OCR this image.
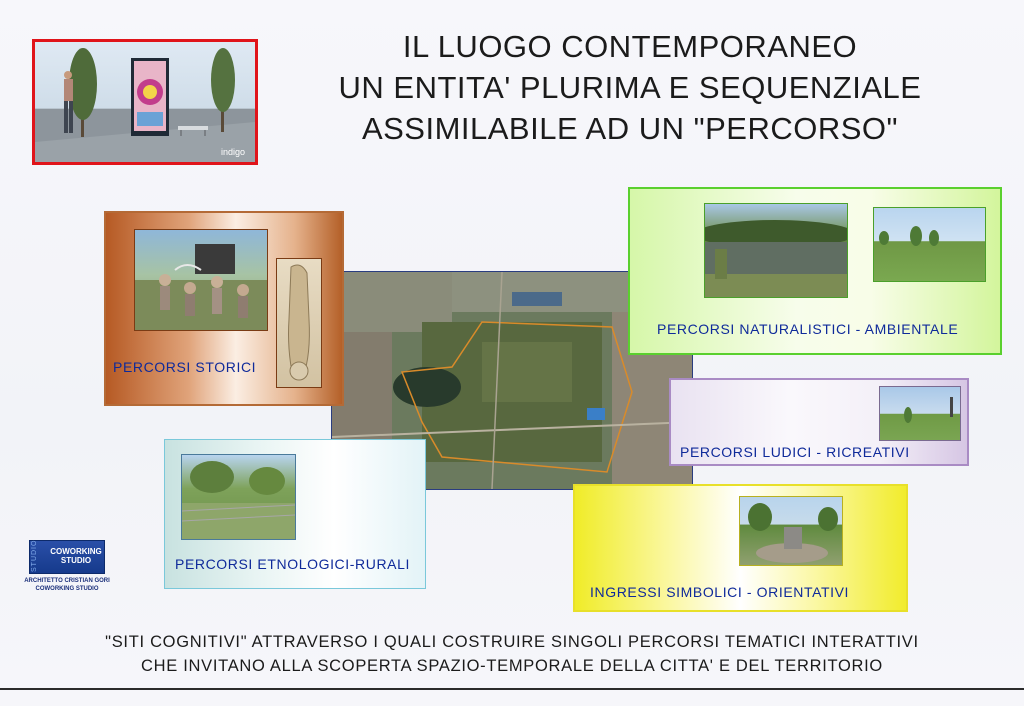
IL LUOGO CONTEMPORANEO
UN ENTITA' PLURIMA E SEQUENZIALE
ASSIMILABILE AD UN "PERCORSO"
indigo
PERCORSI STORICI
PERCORSI NATURALISTICI - AMBIENTALE
PERCORSI LUDICI - RICREATIVI
PERCORSI ETNOLOGICI-RURALI
INGRESSI SIMBOLICI - ORIENTATIVI
STUDIO	COWORKING
STUDIO
ARCHITETTO CRISTIAN GORI
COWORKING STUDIO
"SITI COGNITIVI" ATTRAVERSO I QUALI COSTRUIRE SINGOLI PERCORSI TEMATICI INTERATTIVI
CHE INVITANO ALLA SCOPERTA SPAZIO-TEMPORALE DELLA CITTA' E DEL TERRITORIO
